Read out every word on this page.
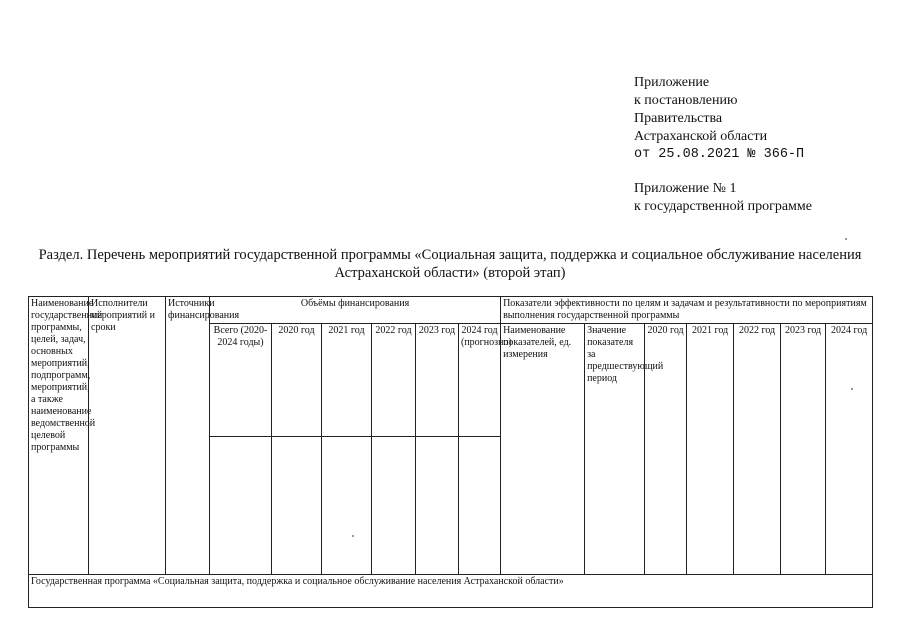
Приложение
к постановлению
Правительства
Астраханской области
от 25.08.2021 № 366-П
Приложение № 1
к государственной программе
Раздел. Перечень мероприятий государственной программы «Социальная защита, поддержка и социальное обслуживание населения Астраханской области» (второй этап)
Наименование государственной программы, целей, задач, основных мероприятий, подпрограмм, мероприятий, а также наименование ведомственной целевой программы	Исполнители мероприятий и сроки	Источники финансирования	Объёмы финансирования						Показатели эффективности по целям и задачам и результативности по мероприятиям выполнения государственной программы						
			Всего (2020-2024 годы)	2020 год	2021 год	2022 год	2023 год	2024 год (прогнозно)	Наименование показателей, ед. измерения	Значение показателя за предшествующий период	2020 год	2021 год	2022 год	2023 год	2024 год

Государственная программа «Социальная защита, поддержка и социальное обслуживание населения Астраханской области»															
